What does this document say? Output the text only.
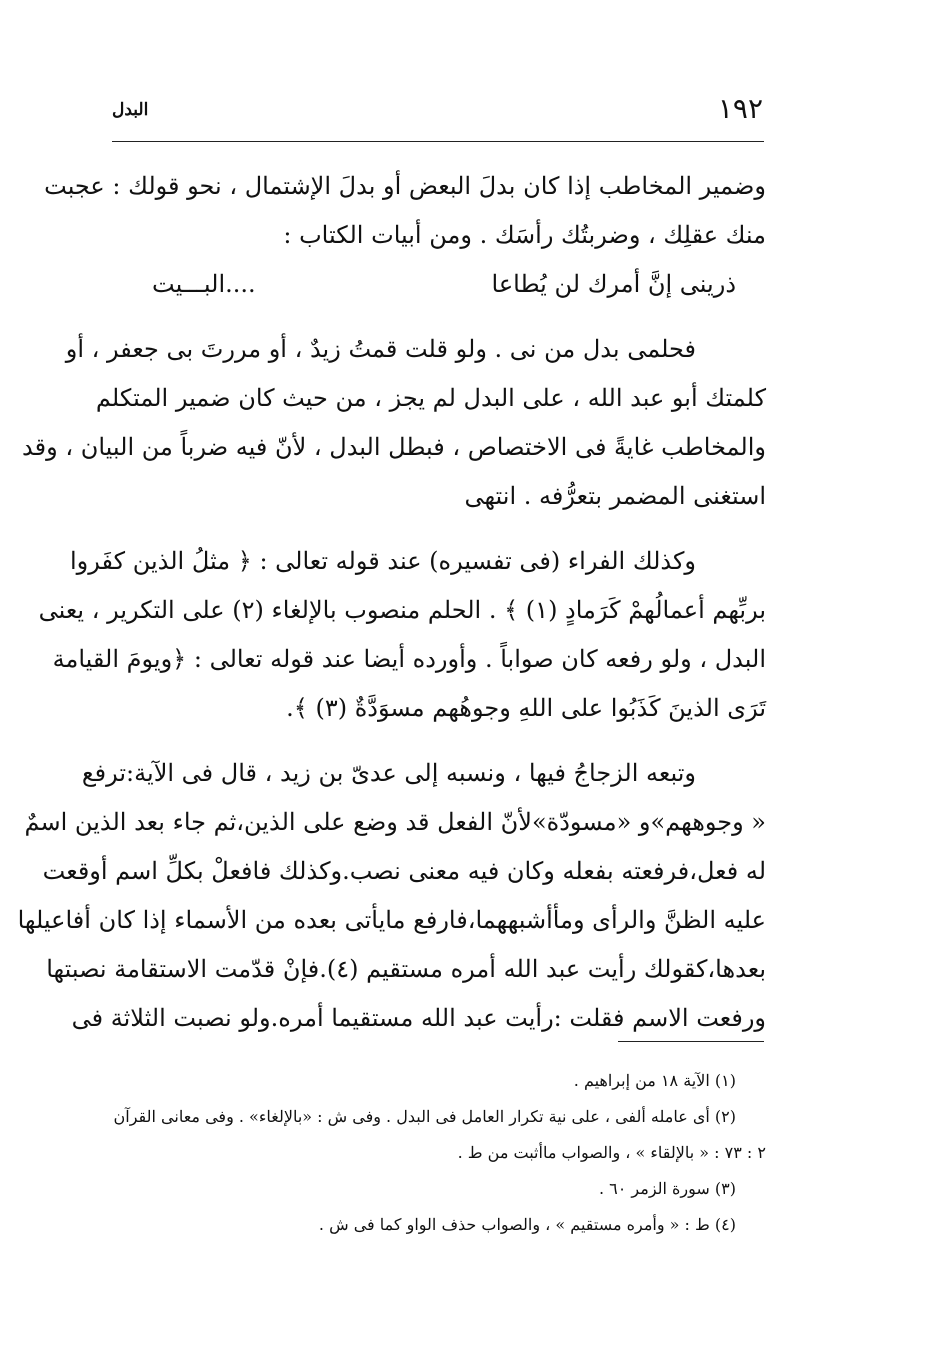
١٩٢
البدل
وضمير المخاطب إذا كان بدلَ البعض أو بدلَ الإشتمال ، نحو قولك : عجبت
منك عقلِك ، وضربتُك رأسَك . ومن أبيات الكتاب :
ذرينى إنَّ أمرك لن يُطاعا
....البـــيت
فحلمى بدل من نى . ولو قلت قمتُ زيدٌ ، أو مررتَ بى جعفر ، أو
كلمتك أبو عبد الله ، على البدل لم يجز ، من حيث كان ضمير المتكلم
والمخاطب غايةً فى الاختصاص ، فبطل البدل ، لأنّ فيه ضرباً من البيان ، وقد
استغنى المضمر بتعرُّفه . انتهى
وكذلك الفراء (فى تفسيره) عند قوله تعالى : ﴿ مثلُ الذين كفَروا
بربِّهم أعمالُهمْ كَرَمادٍ (١) ﴾ . الحلم منصوب بالإلغاء (٢) على التكرير ، يعنى
البدل ، ولو رفعه كان صواباً . وأورده أيضا عند قوله تعالى : ﴿ويومَ القيامة
تَرَى الذينَ كَذَبُوا على اللهِ وجوهُهم مسوَدَّةٌ (٣) ﴾.
وتبعه الزجاجُ فيها ، ونسبه إلى عدىّ بن زيد ، قال فى الآية:ترفع
« وجوههم»و «مسودّة»لأنّ الفعل قد وضع على الذين،ثم جاء بعد الذين اسمٌ
له فعل،فرفعته بفعله وكان فيه معنى نصب.وكذلك فافعلْ بكلِّ اسم أوقعت
عليه الظنَّ والرأى ومأأشبههما،فارفع مايأتى بعده من الأسماء إذا كان أفاعيلها
بعدها،كقولك رأيت عبد الله أمره مستقيم (٤).فإنْ قدّمت الاستقامة نصبتها
ورفعت الاسم فقلت :رأيت عبد الله مستقيما أمره.ولو نصبت الثلاثة فى
(١) الآية ١٨ من إبراهيم .
(٢) أى عامله ألفى ، على نية تكرار العامل فى البدل . وفى ش : «بالإلغاء» . وفى معانى القرآن
٢ : ٧٣ : « بالإلقاء » ، والصواب ماأثبت من ط .
(٣) سورة الزمر ٦٠ .
(٤) ط : « وأمره مستقيم » ، والصواب حذف الواو كما فى ش .
